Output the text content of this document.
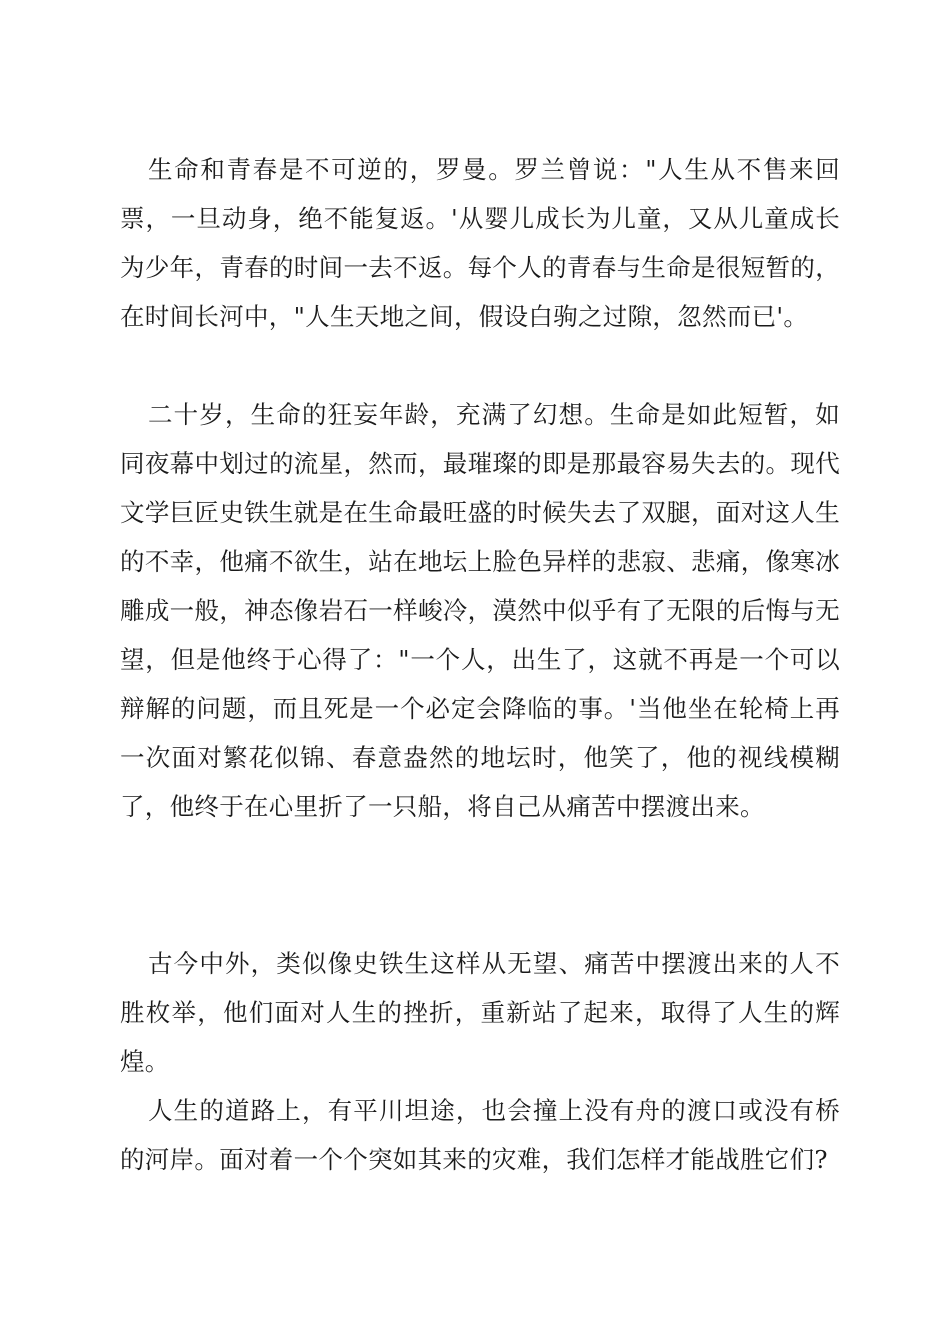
生命和青春是不可逆的，罗曼。罗兰曾说："人生从不售来回票，一旦动身，绝不能复返。'从婴儿成长为儿童，又从儿童成长为少年，青春的时间一去不返。每个人的青春与生命是很短暂的，在时间长河中，"人生天地之间，假设白驹之过隙，忽然而已'。

二十岁，生命的狂妄年龄，充满了幻想。生命是如此短暂，如同夜幕中划过的流星，然而，最璀璨的即是那最容易失去的。现代文学巨匠史铁生就是在生命最旺盛的时候失去了双腿，面对这人生的不幸，他痛不欲生，站在地坛上脸色异样的悲寂、悲痛，像寒冰雕成一般，神态像岩石一样峻冷，漠然中似乎有了无限的后悔与无望，但是他终于心得了："一个人，出生了，这就不再是一个可以辩解的问题，而且死是一个必定会降临的事。'当他坐在轮椅上再一次面对繁花似锦、春意盎然的地坛时，他笑了，他的视线模糊了，他终于在心里折了一只船，将自己从痛苦中摆渡出来。

古今中外，类似像史铁生这样从无望、痛苦中摆渡出来的人不胜枚举，他们面对人生的挫折，重新站了起来，取得了人生的辉煌。

人生的道路上，有平川坦途，也会撞上没有舟的渡口或没有桥的河岸。面对着一个个突如其来的灾难，我们怎样才能战胜它们?
